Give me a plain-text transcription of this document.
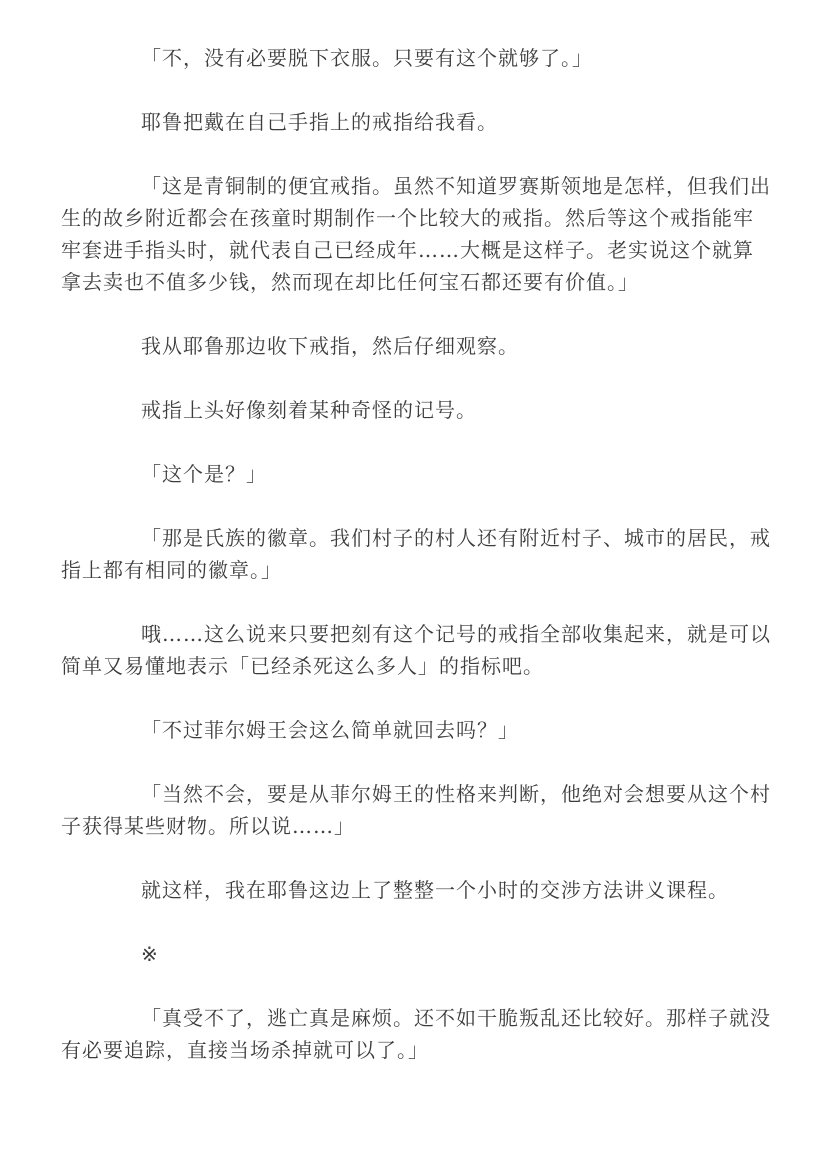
「不，没有必要脱下衣服。只要有这个就够了。」

耶鲁把戴在自己手指上的戒指给我看。

「这是青铜制的便宜戒指。虽然不知道罗赛斯领地是怎样，但我们出生的故乡附近都会在孩童时期制作一个比较大的戒指。然后等这个戒指能牢牢套进手指头时，就代表自己已经成年……大概是这样子。老实说这个就算拿去卖也不值多少钱，然而现在却比任何宝石都还要有价值。」

我从耶鲁那边收下戒指，然后仔细观察。

戒指上头好像刻着某种奇怪的记号。

「这个是？」

「那是氏族的徽章。我们村子的村人还有附近村子、城市的居民，戒指上都有相同的徽章。」

哦……这么说来只要把刻有这个记号的戒指全部收集起来，就是可以简单又易懂地表示「已经杀死这么多人」的指标吧。

「不过菲尔姆王会这么简单就回去吗？」

「当然不会，要是从菲尔姆王的性格来判断，他绝对会想要从这个村子获得某些财物。所以说……」

就这样，我在耶鲁这边上了整整一个小时的交涉方法讲义课程。

※

「真受不了，逃亡真是麻烦。还不如干脆叛乱还比较好。那样子就没有必要追踪，直接当场杀掉就可以了。」
